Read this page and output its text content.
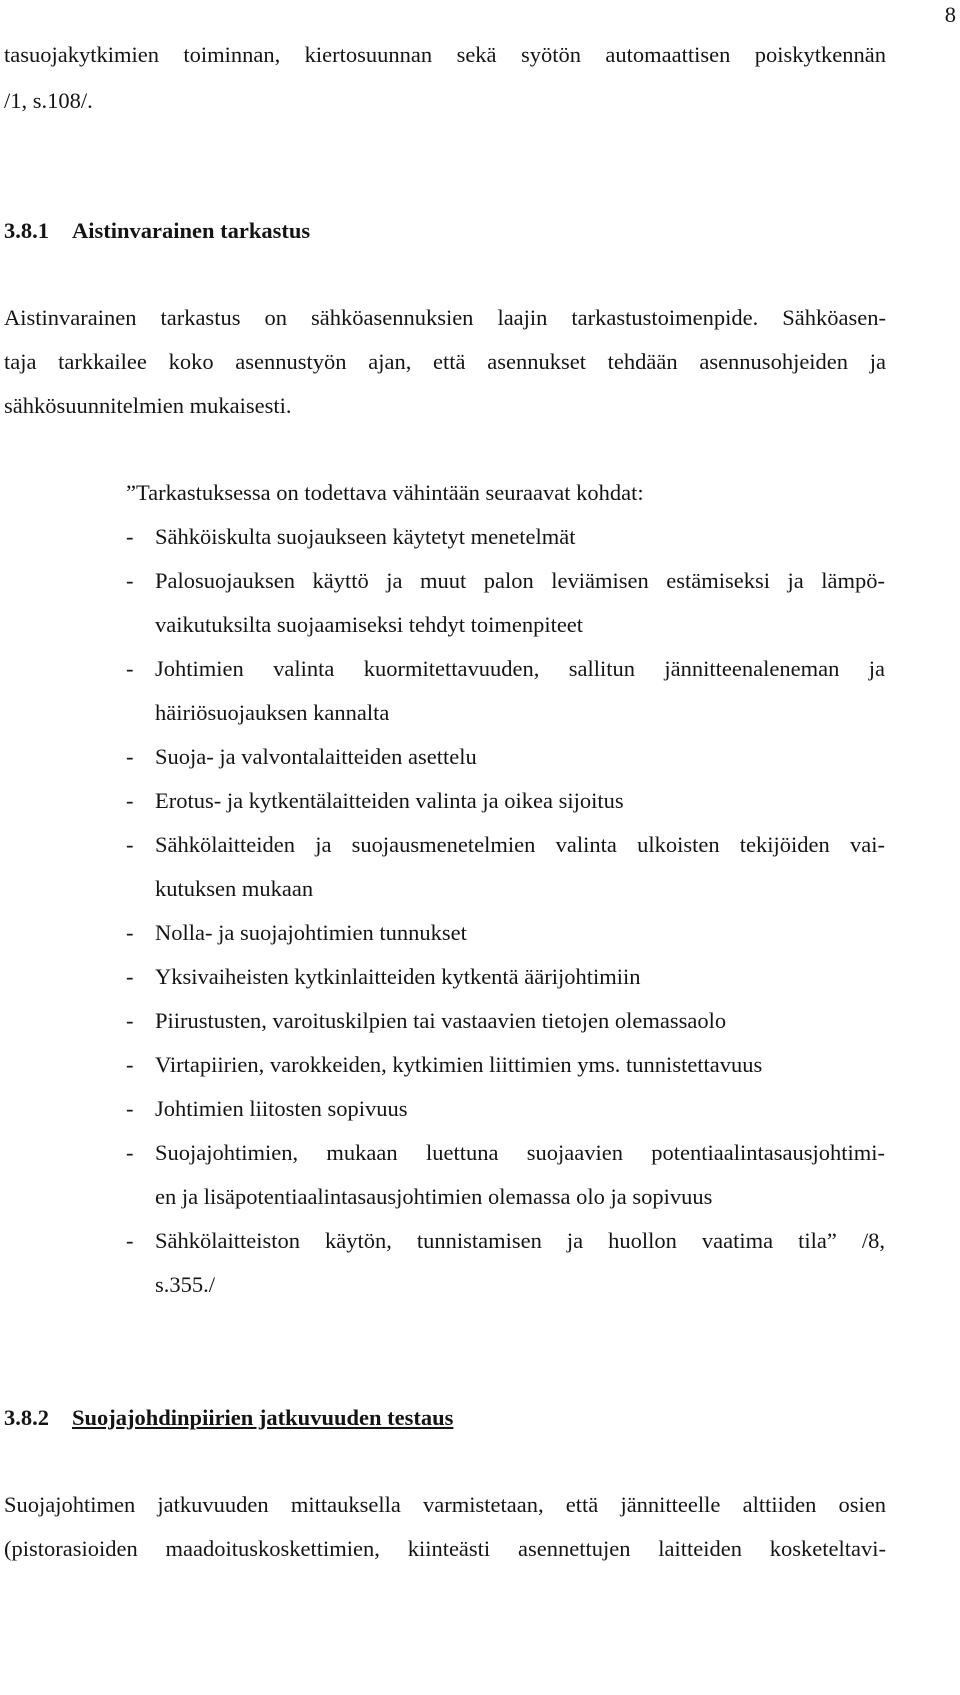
8
tasuojakytkimien toiminnan, kiertosuunnan sekä syötön automaattisen poiskytkennän
/1, s.108/.
3.8.1 Aistinvarainen tarkastus
Aistinvarainen tarkastus on sähköasennuksien laajin tarkastustoimenpide. Sähköasen-
taja tarkkailee koko asennustyön ajan, että asennukset tehdään asennusohjeiden ja
sähkösuunnitelmien mukaisesti.
”Tarkastuksessa on todettava vähintään seuraavat kohdat:
- Sähköiskulta suojaukseen käytetyt menetelmät
- Palosuojauksen käyttö ja muut palon leviämisen estämiseksi ja lämpö-
vaikutuksilta suojaamiseksi tehdyt toimenpiteet
- Johtimien valinta kuormitettavuuden, sallitun jännitteenaleneman ja
häiriösuojauksen kannalta
- Suoja- ja valvontalaitteiden asettelu
- Erotus- ja kytkentälaitteiden valinta ja oikea sijoitus
- Sähkölaitteiden ja suojausmenetelmien valinta ulkoisten tekijöiden vai-
kutuksen mukaan
- Nolla- ja suojajohtimien tunnukset
- Yksivaiheisten kytkinlaitteiden kytkentä äärijohtimiin
- Piirustusten, varoituskilpien tai vastaavien tietojen olemassaolo
- Virtapiirien, varokkeiden, kytkimien liittimien yms. tunnistettavuus
- Johtimien liitosten sopivuus
- Suojajohtimien, mukaan luettuna suojaavien potentiaalintasausjohtimi-
en ja lisäpotentiaalintasausjohtimien olemassa olo ja sopivuus
- Sähkölaitteiston käytön, tunnistamisen ja huollon vaatima tila” /8,
s.355./
3.8.2 Suojajohdinpiirien jatkuvuuden testaus
Suojajohtimen jatkuvuuden mittauksella varmistetaan, että jännitteelle alttiiden osien
(pistorasioiden maadoituskoskettimien, kiinteästi asennettujen laitteiden kosketeltavi-
